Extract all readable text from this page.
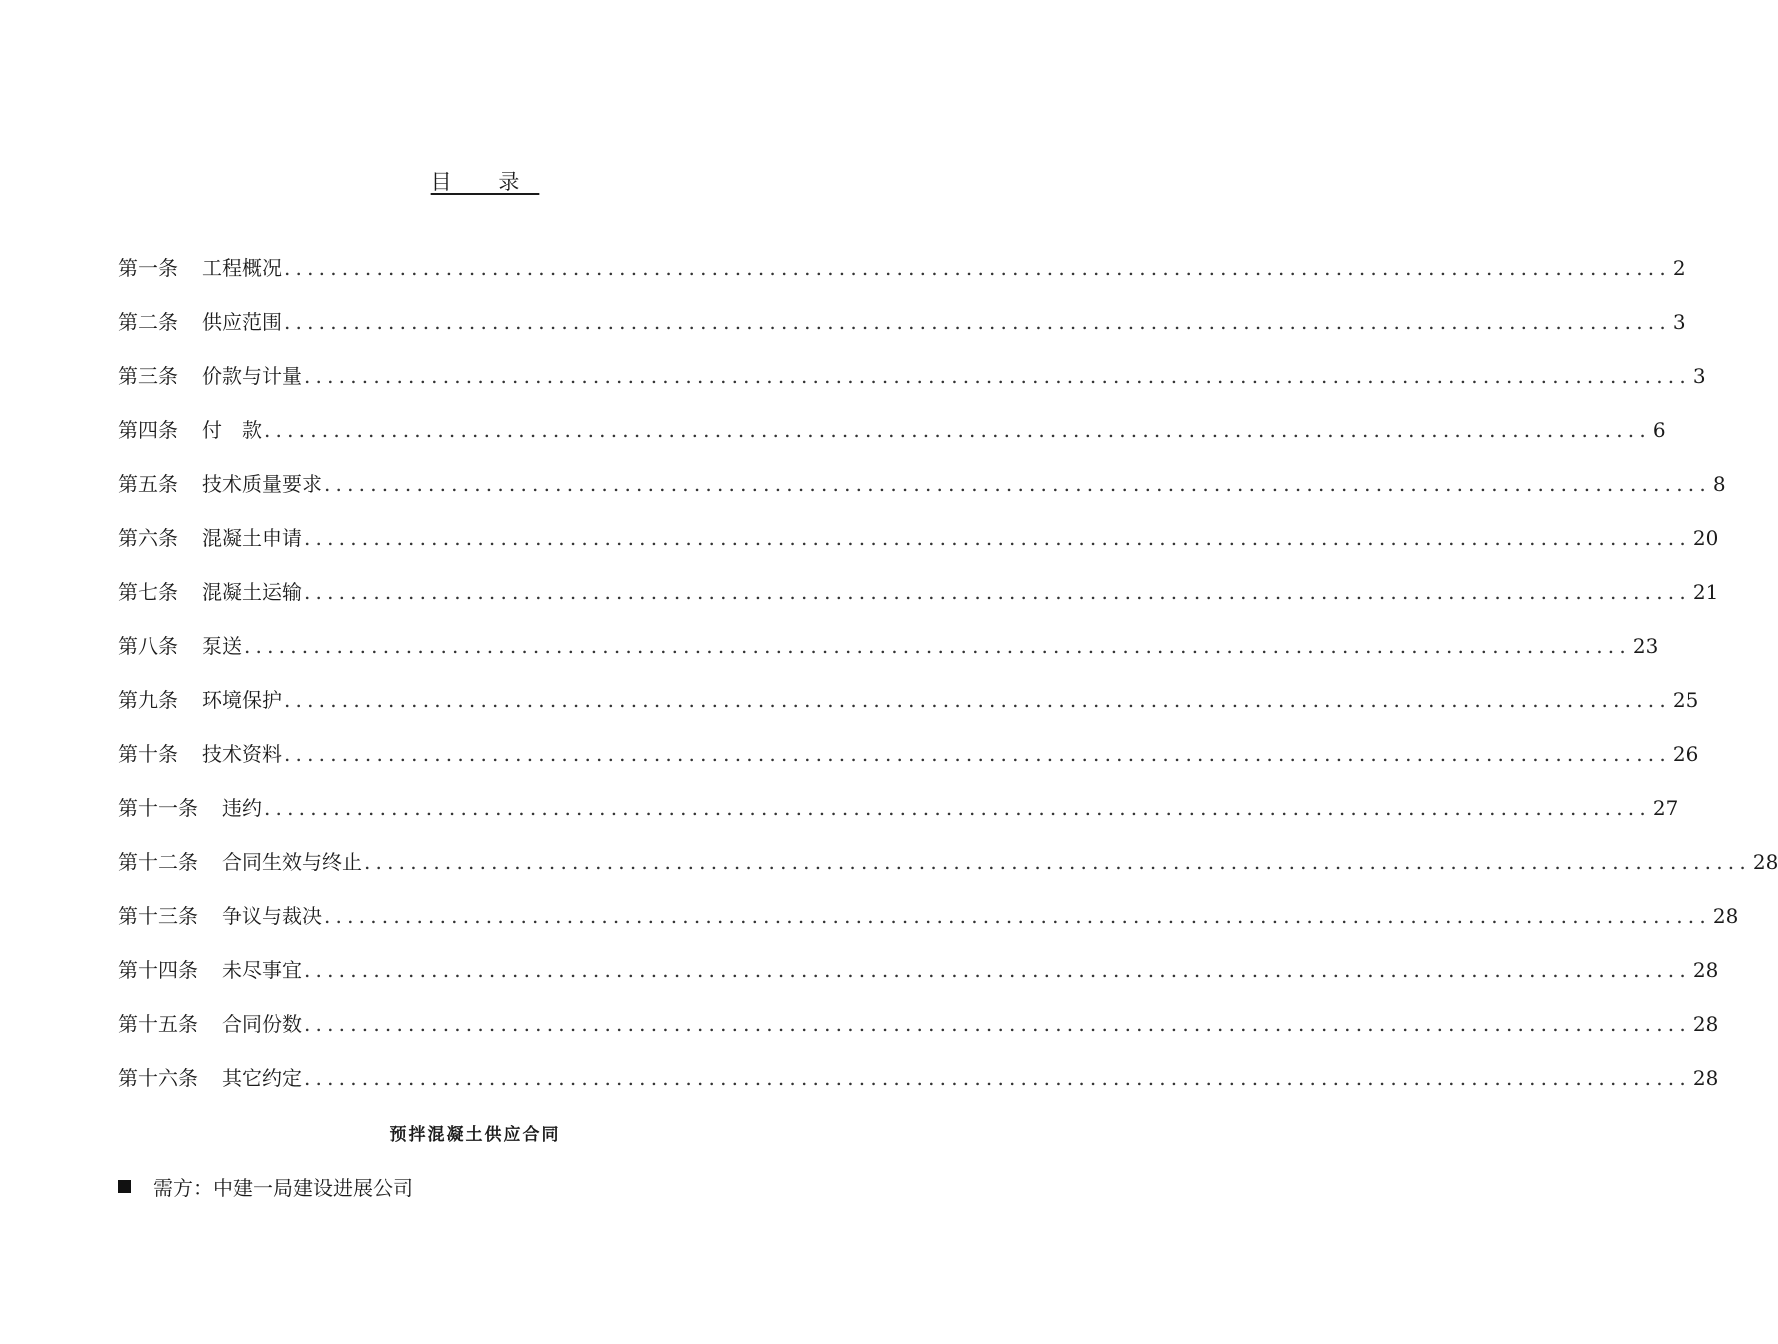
目 录
第一条 工程概况 ........................................................................................................................ 2
第二条 供应范围 ........................................................................................................................ 3
第三条 价款与计量 ........................................................................................................................ 3
第四条 付　款 ........................................................................................................................ 6
第五条 技术质量要求 ........................................................................................................................ 8
第六条 混凝土申请 ........................................................................................................................ 20
第七条 混凝土运输 ........................................................................................................................ 21
第八条 泵送 ........................................................................................................................ 23
第九条 环境保护 ........................................................................................................................ 25
第十条 技术资料 ........................................................................................................................ 26
第十一条 违约 ........................................................................................................................ 27
第十二条 合同生效与终止 ........................................................................................................................ 28
第十三条 争议与裁决 ........................................................................................................................ 28
第十四条 未尽事宜 ........................................................................................................................ 28
第十五条 合同份数 ........................................................................................................................ 28
第十六条 其它约定 ........................................................................................................................ 28
预拌混凝土供应合同
需方：中建一局建设进展公司
